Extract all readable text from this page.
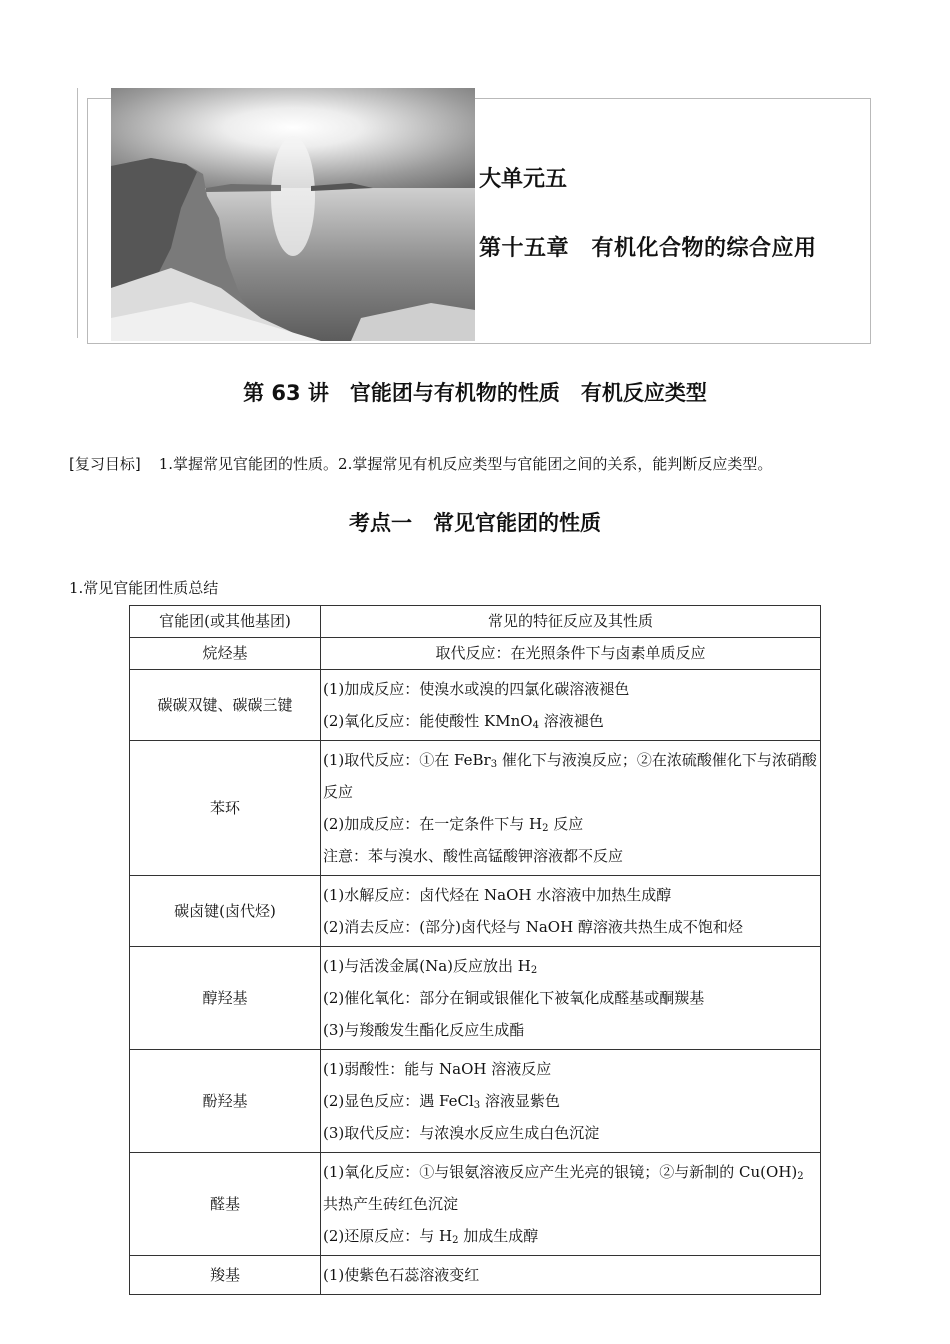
大单元五
第十五章　有机化合物的综合应用
第 63 讲　官能团与有机物的性质　有机反应类型
[复习目标] 1.掌握常见官能团的性质。2.掌握常见有机反应类型与官能团之间的关系，能判断反应类型。
考点一　常见官能团的性质
1.常见官能团性质总结
官能团(或其他基团)	常见的特征反应及其性质
烷烃基	取代反应：在光照条件下与卤素单质反应

碳碳双键、碳碳三键	(1)加成反应：使溴水或溴的四氯化碳溶液褪色
(2)氧化反应：能使酸性 KMnO$_4$ 溶液褪色

苯环	(1)取代反应：①在 FeBr$_3$ 催化下与液溴反应；②在浓硫酸催化下与浓硝酸反应
(2)加成反应：在一定条件下与 $H_2$ 反应
注意：苯与溴水、酸性高锰酸钾溶液都不反应

碳卤键(卤代烃)	(1)水解反应：卤代烃在 NaOH 水溶液中加热生成醇
(2)消去反应：(部分)卤代烃与 NaOH 醇溶液共热生成不饱和烃

醇羟基	(1)与活泼金属(Na)反应放出 $H_2$
(2)催化氧化：部分在铜或银催化下被氧化成醛基或酮羰基
(3)与羧酸发生酯化反应生成酯

酚羟基	(1)弱酸性：能与 NaOH 溶液反应
(2)显色反应：遇 FeCl$_3$ 溶液显紫色
(3)取代反应：与浓溴水反应生成白色沉淀

醛基	(1)氧化反应：①与银氨溶液反应产生光亮的银镜；②与新制的 $Cu(OH)_2$ 共热产生砖红色沉淀
(2)还原反应：与 $H_2$ 加成生成醇

羧基	(1)使紫色石蕊溶液变红
